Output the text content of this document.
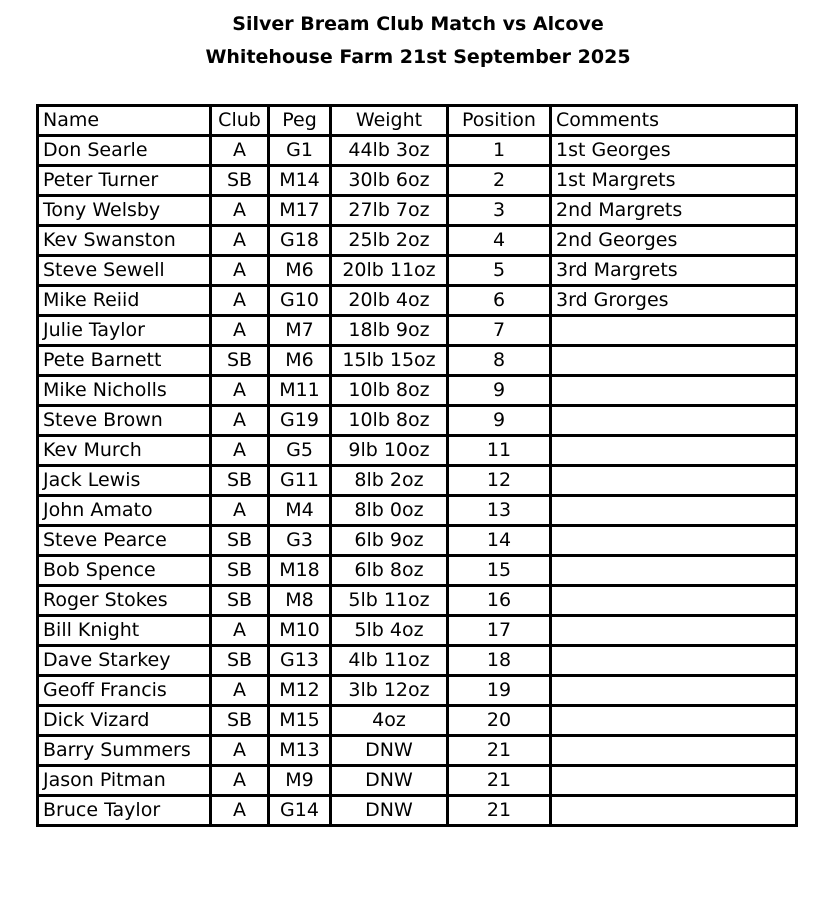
Silver Bream Club Match vs Alcove
Whitehouse Farm 21st September 2025
Name	Club	Peg	Weight	Position	Comments
Don Searle	A	G1	44lb 3oz	1	1st Georges
Peter Turner	SB	M14	30lb 6oz	2	1st Margrets
Tony Welsby	A	M17	27lb 7oz	3	2nd Margrets
Kev Swanston	A	G18	25lb 2oz	4	2nd Georges
Steve Sewell	A	M6	20lb 11oz	5	3rd Margrets
Mike Reiid	A	G10	20lb 4oz	6	3rd Grorges
Julie Taylor	A	M7	18lb 9oz	7	
Pete Barnett	SB	M6	15lb 15oz	8	
Mike Nicholls	A	M11	10lb 8oz	9	
Steve Brown	A	G19	10lb 8oz	9	
Kev Murch	A	G5	9lb 10oz	11	
Jack Lewis	SB	G11	8lb 2oz	12	
John Amato	A	M4	8lb 0oz	13	
Steve Pearce	SB	G3	6lb 9oz	14	
Bob Spence	SB	M18	6lb 8oz	15	
Roger Stokes	SB	M8	5lb 11oz	16	
Bill Knight	A	M10	5lb 4oz	17	
Dave Starkey	SB	G13	4lb 11oz	18	
Geoff Francis	A	M12	3lb 12oz	19	
Dick Vizard	SB	M15	4oz	20	
Barry Summers	A	M13	DNW	21	
Jason Pitman	A	M9	DNW	21	
Bruce Taylor	A	G14	DNW	21	
